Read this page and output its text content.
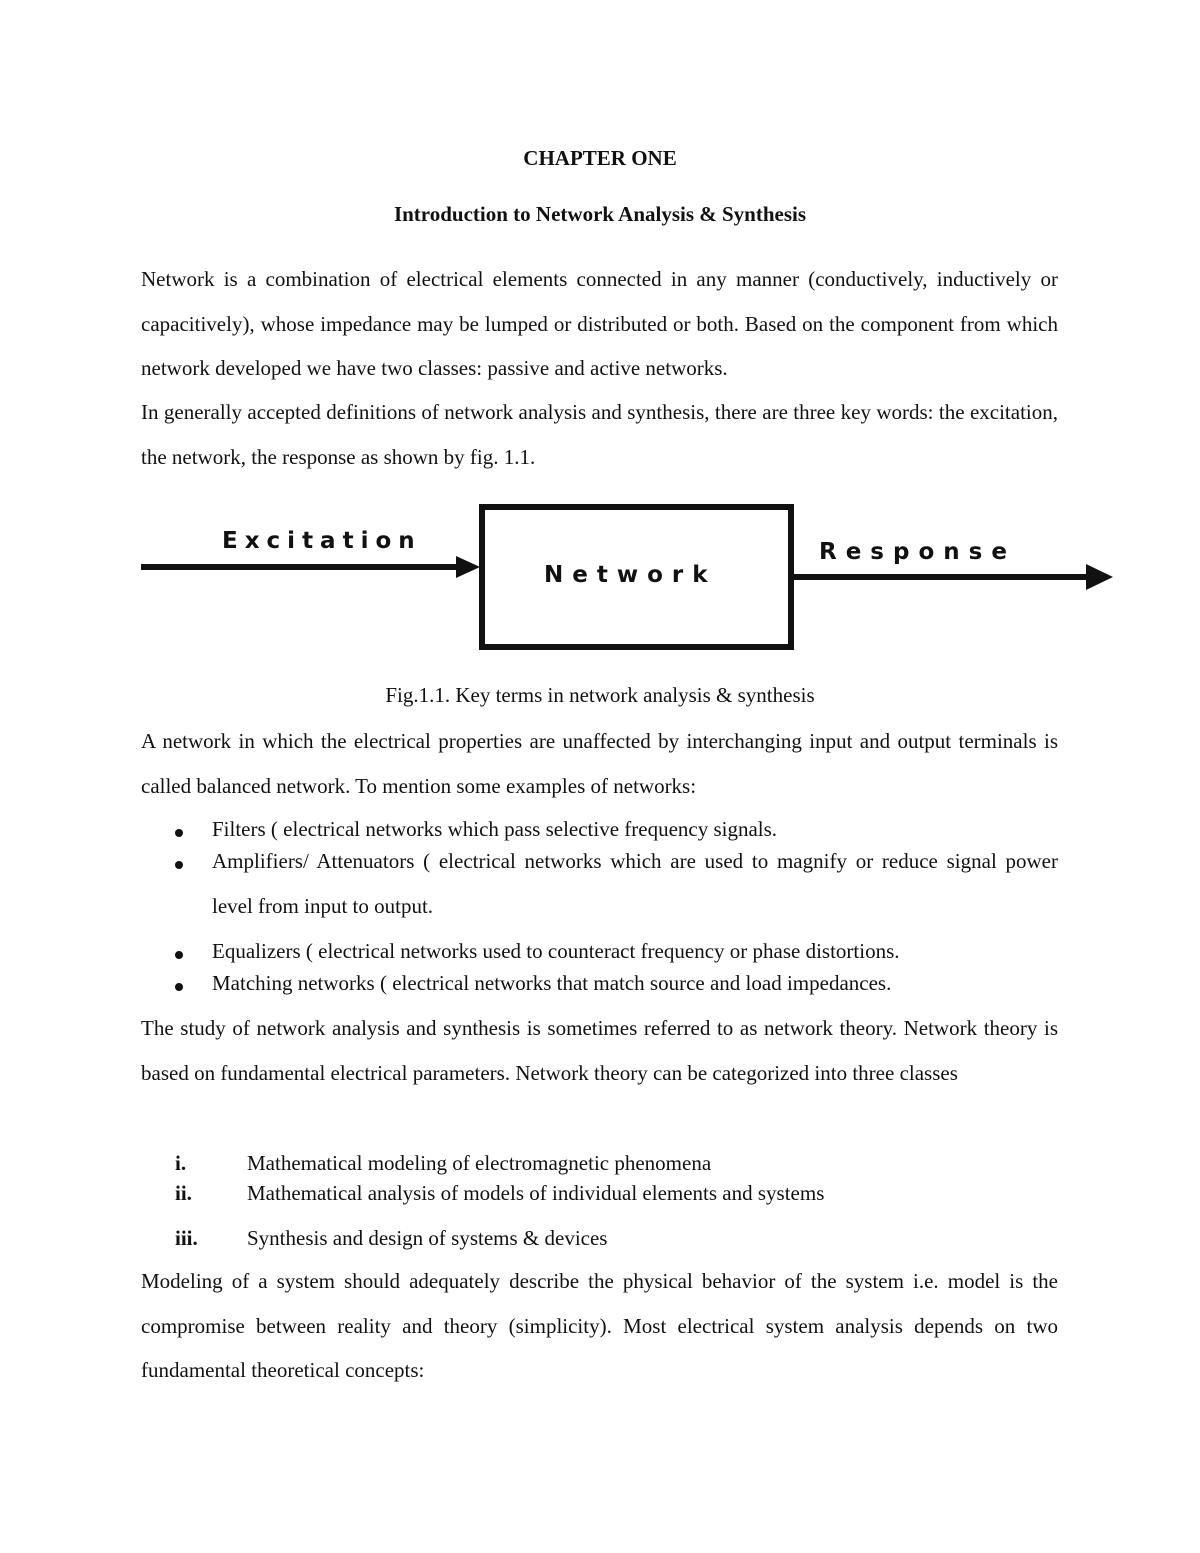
CHAPTER ONE
Introduction to Network Analysis & Synthesis

Network is a combination of electrical elements connected in any manner (conductively, inductively or capacitively), whose impedance may be lumped or distributed or both. Based on the component from which network developed we have two classes: passive and active networks.

In generally accepted definitions of network analysis and synthesis, there are three key words: the excitation, the network, the response as shown by fig. 1.1.

Excitation
Network
Response
Fig.1.1. Key terms in network analysis & synthesis

A network in which the electrical properties are unaffected by interchanging input and output terminals is called balanced network. To mention some examples of networks:

Filters ( electrical networks which pass selective frequency signals.
Amplifiers/ Attenuators ( electrical networks which are used to magnify or reduce signal power level from input to output.
Equalizers ( electrical networks used to counteract frequency or phase distortions.
Matching networks ( electrical networks that match source and load impedances.

The study of network analysis and synthesis is sometimes referred to as network theory. Network theory is based on fundamental electrical parameters. Network theory can be categorized into three classes

i.	Mathematical modeling of electromagnetic phenomena
ii.	Mathematical analysis of models of individual elements and systems
iii. Synthesis and design of systems & devices

Modeling of a system should adequately describe the physical behavior of the system i.e. model is the compromise between reality and theory (simplicity). Most electrical system analysis depends on two fundamental theoretical concepts:
